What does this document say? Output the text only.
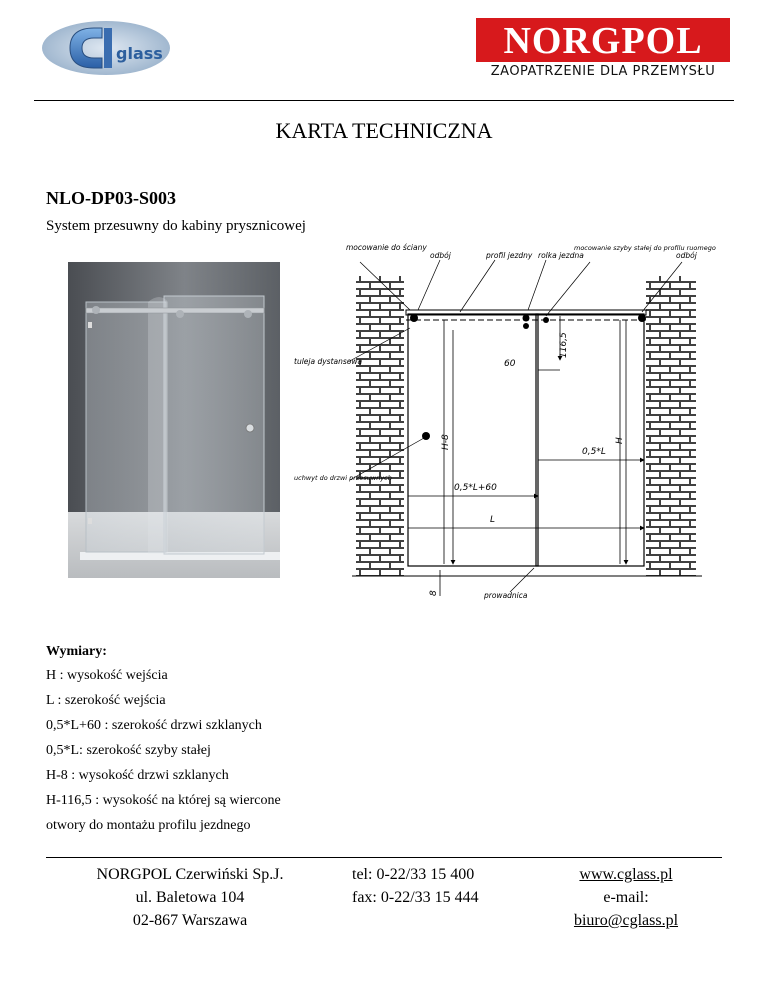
glass	NORGPOL
ZAOPATRZENIE DLA PRZEMYSŁU
KARTA TECHNICZNA
NLO-DP03-S003
System przesuwny do kabiny prysznicowej
mocowanie do ściany
odbój	profil jezdny rolka jezdna
mocowanie szyby stałej do profilu ruomego
odbój
tuleja dystansowa
uchwyt do drzwi przesuwnych
prowadnica
60
116,5
H-8	H
0,5*L
0,5*L+60
L
8
Wymiary:
H : wysokość wejścia
L : szerokość wejścia
0,5*L+60 : szerokość drzwi szklanych
0,5*L: szerokość szyby stałej
H-8 : wysokość drzwi szklanych
H-116,5 : wysokość na której są wiercone
otwory do montażu profilu jezdnego
NORGPOL Czerwiński Sp.J.
ul. Baletowa 104
02-867 Warszawa
tel: 0-22/33 15 400
fax: 0-22/33 15 444
www.cglass.pl
e-mail:
biuro@cglass.pl
